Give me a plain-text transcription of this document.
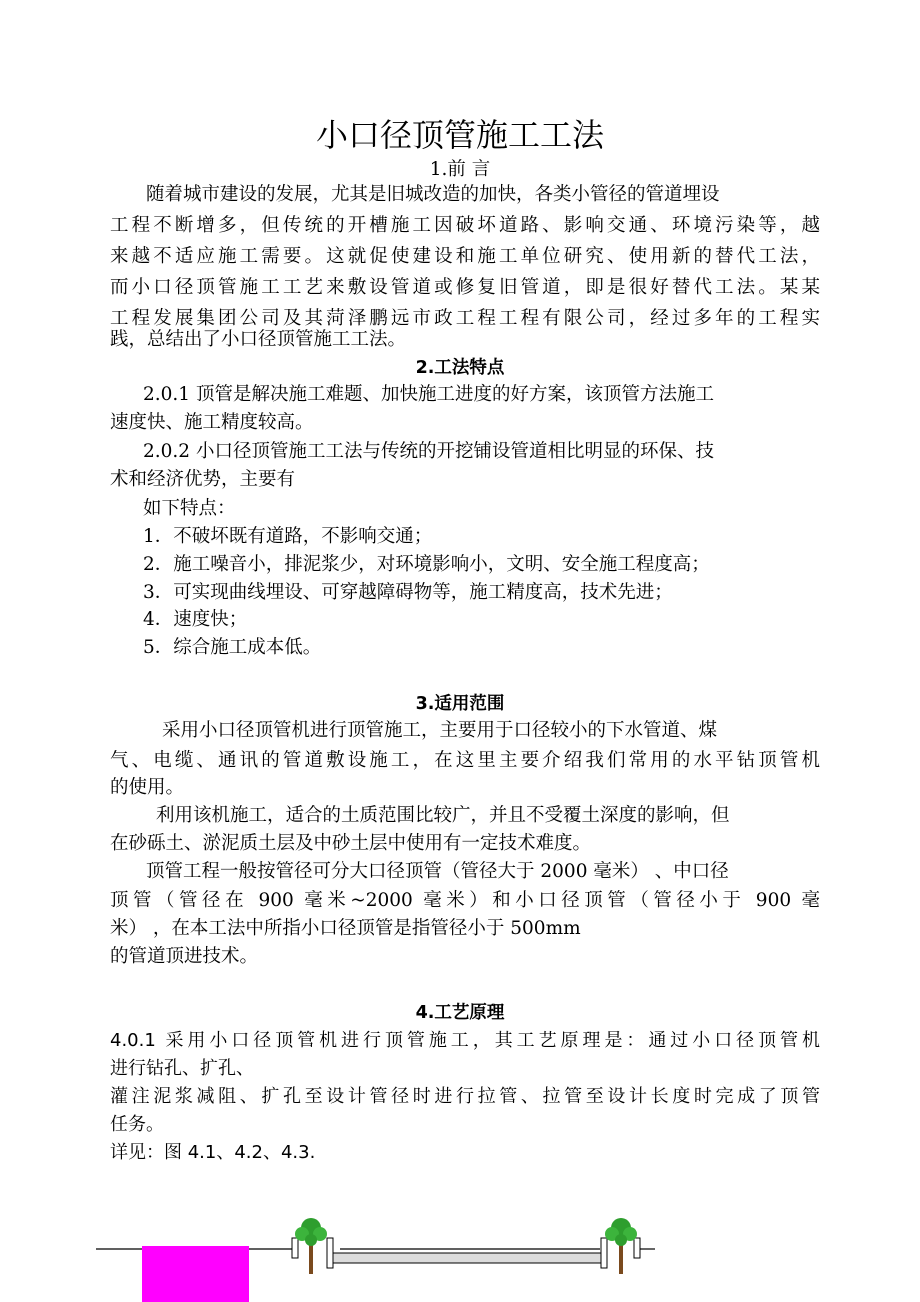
小口径顶管施工工法
1.前 言
随着城市建设的发展，尤其是旧城改造的加快，各类小管径的管道埋设
工程不断增多，但传统的开槽施工因破坏道路、影响交通、环境污染等，越
来越不适应施工需要。这就促使建设和施工单位研究、使用新的替代工法，
而小口径顶管施工工艺来敷设管道或修复旧管道，即是很好替代工法。某某
工程发展集团公司及其菏泽鹏远市政工程工程有限公司，经过多年的工程实
践，总结出了小口径顶管施工工法。
2.工法特点
2.0.1 顶管是解决施工难题、加快施工进度的好方案，该顶管方法施工
速度快、施工精度较高。
2.0.2 小口径顶管施工工法与传统的开挖铺设管道相比明显的环保、技
术和经济优势，主要有
如下特点：
1．不破坏既有道路，不影响交通；
2．施工噪音小，排泥浆少，对环境影响小，文明、安全施工程度高；
3．可实现曲线埋设、可穿越障碍物等，施工精度高，技术先进；
4．速度快；
5．综合施工成本低。
3.适用范围
采用小口径顶管机进行顶管施工，主要用于口径较小的下水管道、煤
气、电缆、通讯的管道敷设施工，在这里主要介绍我们常用的水平钻顶管机
的使用。
利用该机施工，适合的土质范围比较广，并且不受覆土深度的影响，但
在砂砾土、淤泥质土层及中砂土层中使用有一定技术难度。
顶管工程一般按管径可分大口径顶管（管径大于 2000 毫米） 、中口径
顶管（管径在 900 毫米~2000 毫米）和小口径顶管（管径小于 900 毫
米） ，在本工法中所指小口径顶管是指管径小于 500mm
的管道顶进技术。
4.工艺原理
4.0.1 采用小口径顶管机进行顶管施工，其工艺原理是：通过小口径顶管机
进行钻孔、扩孔、
灌注泥浆减阻、扩孔至设计管径时进行拉管、拉管至设计长度时完成了顶管
任务。
详见：图 4.1、4.2、4.3.
